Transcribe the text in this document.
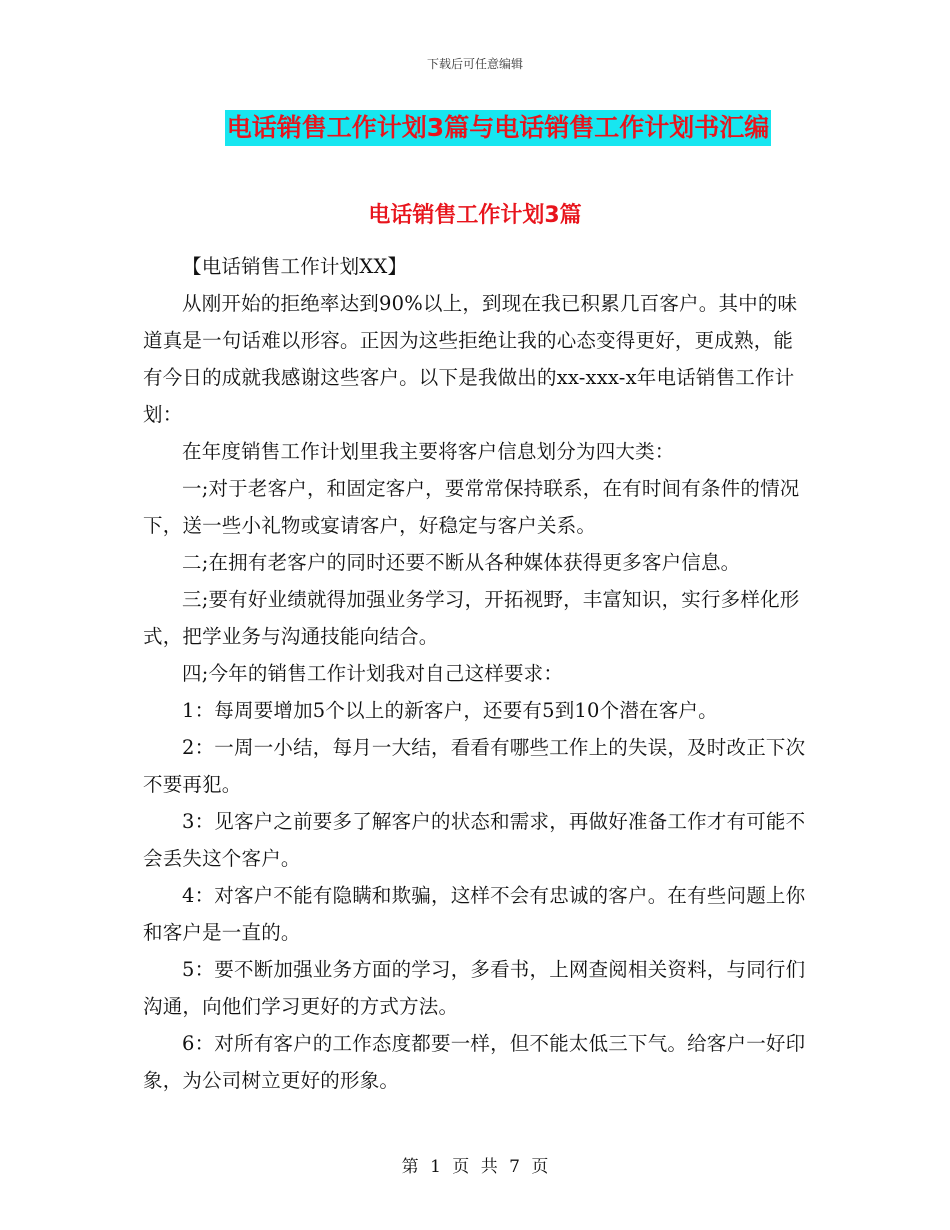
下载后可任意编辑
电话销售工作计划3篇与电话销售工作计划书汇编
电话销售工作计划3篇

【电话销售工作计划XX】

从刚开始的拒绝率达到90%以上，到现在我已积累几百客户。其中的味道真是一句话难以形容。正因为这些拒绝让我的心态变得更好，更成熟，能有今日的成就我感谢这些客户。以下是我做出的xx-xxx-x年电话销售工作计划：

在年度销售工作计划里我主要将客户信息划分为四大类：

一;对于老客户，和固定客户，要常常保持联系，在有时间有条件的情况下，送一些小礼物或宴请客户，好稳定与客户关系。

二;在拥有老客户的同时还要不断从各种媒体获得更多客户信息。

三;要有好业绩就得加强业务学习，开拓视野，丰富知识，实行多样化形式，把学业务与沟通技能向结合。

四;今年的销售工作计划我对自己这样要求：

1：每周要增加5个以上的新客户，还要有5到10个潜在客户。

2：一周一小结，每月一大结，看看有哪些工作上的失误，及时改正下次不要再犯。

3：见客户之前要多了解客户的状态和需求，再做好准备工作才有可能不会丢失这个客户。

4：对客户不能有隐瞒和欺骗，这样不会有忠诚的客户。在有些问题上你和客户是一直的。

5：要不断加强业务方面的学习，多看书，上网查阅相关资料，与同行们沟通，向他们学习更好的方式方法。

6：对所有客户的工作态度都要一样，但不能太低三下气。给客户一好印象，为公司树立更好的形象。

第 1 页 共 7 页
